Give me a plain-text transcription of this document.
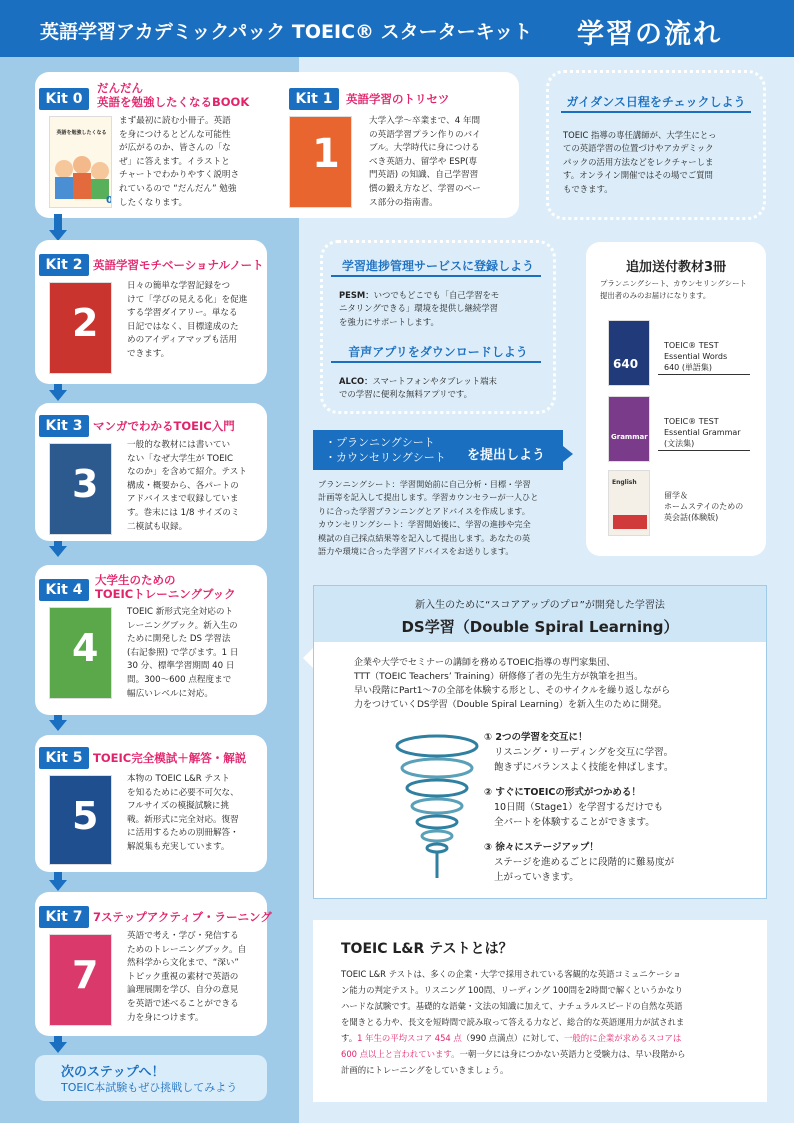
英語学習アカデミックパック TOEIC® スターターキット 学習の流れ
Kit 0
だんだん
英語を勉強したくなるBOOK
英語を勉強したくなる
0
まず最初に読む小冊子。英語
を身につけるとどんな可能性
が広がるのか、皆さんの「な
ぜ」に答えます。イラストと
チャートでわかりやすく説明さ
れているので “だんだん” 勉強
したくなります。
Kit 1	英語学習のトリセツ
1
大学入学～卒業まで、4 年間
の英語学習プラン作りのバイ
ブル。大学時代に身につける
べき英語力、留学や ESP(専
門英語) の知識、自己学習習
慣の鍛え方など、学習のベー
ス部分の指南書。
Kit 2 英語学習モチベーショナルノート
2
日々の簡単な学習記録をつ
けて「学びの見える化」を促進
する学習ダイアリー。単なる
日記ではなく、目標達成のた
めのアイディアマップも活用
できます。
Kit 3 マンガでわかるTOEIC入門
3
一般的な教材には書いてい
ない「なぜ大学生が TOEIC
なのか」を含めて紹介。テスト
構成・概要から、各パートの
アドバイスまで収録していま
す。巻末には 1/8 サイズのミ
二模試も収録。
Kit 4
大学生のための
TOEICトレーニングブック
4
TOEIC 新形式完全対応のト
レーニングブック。新入生の
ために開発した DS 学習法
(右記参照) で学びます。1 日
30 分、標準学習期間 40 日
間。300～600 点程度まで
幅広いレベルに対応。
Kit 5 TOEIC完全模試＋解答・解説
5
本物の TOEIC L&R テスト
を知るために必要不可欠な、
フルサイズの模擬試験に挑
戦。新形式に完全対応。復習
に活用するための別冊解答・
解説集も充実しています。
Kit 7 7ステップアクティブ・ラーニング
7
英語で考え・学び・発信する
ためのトレーニングブック。自
然科学から文化まで、“深い”
トピック重視の素材で英語の
論理展開を学び、自分の意見
を英語で述べることができる
力を身につけます。
次のステップへ！
TOEIC本試験もぜひ挑戦してみよう
ガイダンス日程をチェックしよう
TOEIC 指導の専任講師が、大学生にとっ
ての英語学習の位置づけやアカデミック
パックの活用方法などをレクチャーしま
す。オンライン開催ではその場でご質問
もできます。
学習進捗管理サービスに登録しよう
PESM：いつでもどこでも「自己学習をモ
ニタリングできる」環境を提供し継続学習
を強力にサポートします。
音声アプリをダウンロードしよう
ALCO：スマートフォンやタブレット端末
での学習に便利な無料アプリです。
追加送付教材3冊
プランニングシート、カウンセリングシート
提出者のみのお届けになります。
640
TOEIC® TEST
Essential Words
640 (単語集)
Grammar
TOEIC® TEST
Essential Grammar
(文法集)
English
留学＆
ホームステイのための
英会話(体験版)
・プランニングシート
・カウンセリングシート を提出しよう
プランニングシート：学習開始前に自己分析・目標・学習
計画等を記入して提出します。学習カウンセラーが一人ひと
りに合った学習プランニングとアドバイスを作成します。
カウンセリングシート：学習開始後に、学習の進捗や完全
模試の自己採点結果等を記入して提出します。あなたの英
語力や環境に合った学習アドバイスをお送りします。
新入生のために“スコアアップのプロ”が開発した学習法
DS学習（Double Spiral Learning）
企業や大学でセミナーの講師を務めるTOEIC指導の専門家集団、
TTT（TOEIC Teachers’ Training）研修修了者の先生方が執筆を担当。
早い段階にPart1～7の全部を体験する形とし、そのサイクルを繰り返しながら
力をつけていくDS学習（Double Spiral Learning）を新入生のために開発。
① 2つの学習を交互に！
リスニング・リーディングを交互に学習。
飽きずにバランスよく技能を伸ばします。
② すぐにTOEICの形式がつかめる！
10日間（Stage1）を学習するだけでも
全パートを体験することができます。
③ 徐々にステージアップ！
ステージを進めるごとに段階的に難易度が
上がっていきます。
TOEIC L&R テストとは？
TOEIC L&R テストは、多くの企業・大学で採用されている客観的な英語コミュニケーショ
ン能力の判定テスト。リスニング 100問、リーディング 100問を2時間で解くというかなり
ハードな試験です。基礎的な語彙・文法の知識に加えて、ナチュラルスピードの自然な英語
を聞きとる力や、長文を短時間で読み取って答える力など、総合的な英語運用力が試されま
す。1 年生の平均スコア 454 点（990 点満点）に対して、一般的に企業が求めるスコアは
600 点以上と言われています。一朝一夕には身につかない英語力と受験力は、早い段階から
計画的にトレーニングをしていきましょう。
